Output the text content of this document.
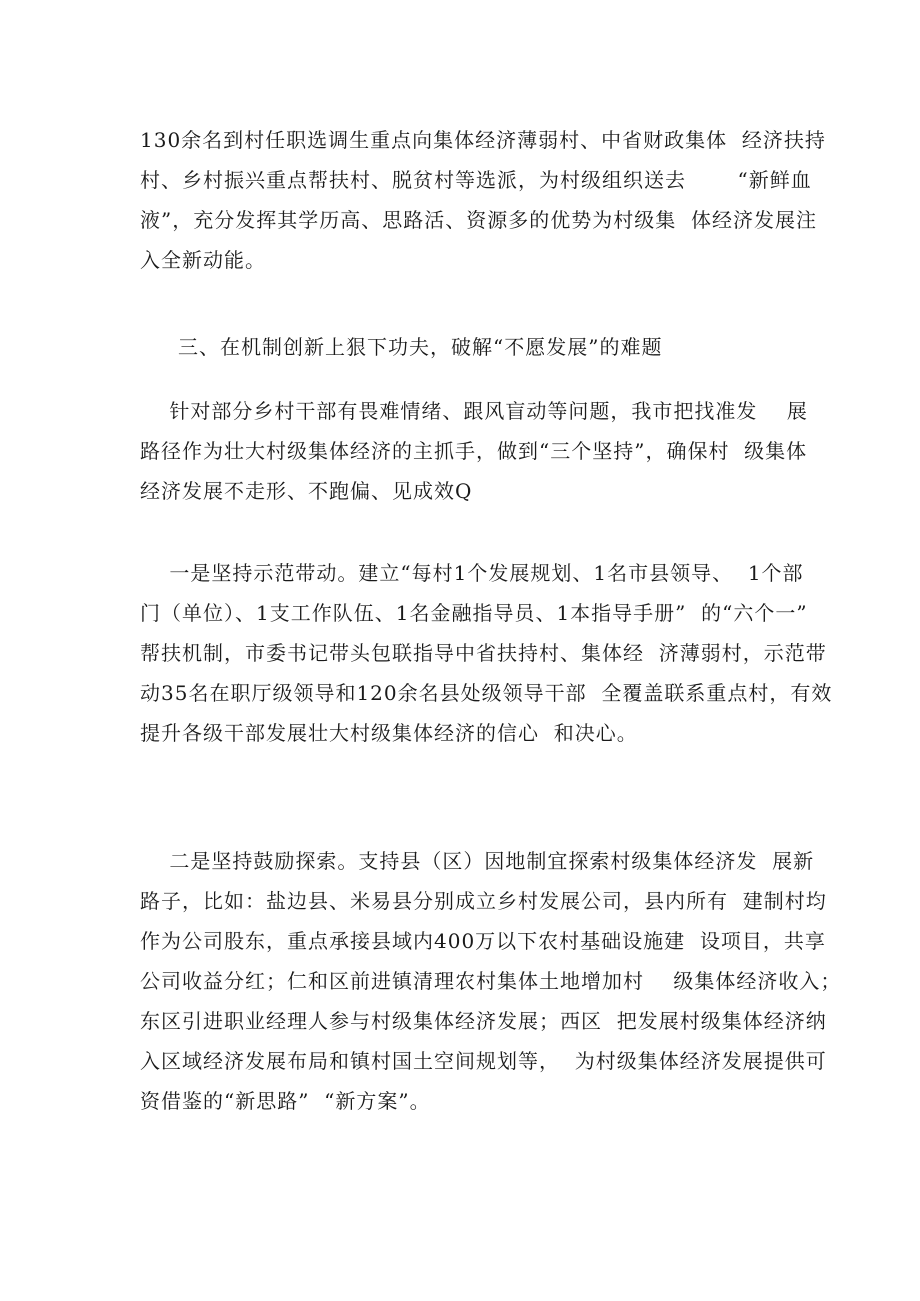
130余名到村任职选调生重点向集体经济薄弱村、中省财政集体  经济扶持
村、乡村振兴重点帮扶村、脱贫村等选派，为村级组织送去       “新鲜血
液”，充分发挥其学历高、思路活、资源多的优势为村级集  体经济发展注
入全新动能。
三、在机制创新上狠下功夫，破解“不愿发展”的难题
针对部分乡村干部有畏难情绪、跟风盲动等问题，我市把找准发    展
路径作为壮大村级集体经济的主抓手，做到“三个坚持”，确保村  级集体
经济发展不走形、不跑偏、见成效Q
一是坚持示范带动。建立“每村1个发展规划、1名市县领导、  1个部
门（单位）、1支工作队伍、1名金融指导员、1本指导手册”  的“六个一”
帮扶机制，市委书记带头包联指导中省扶持村、集体经  济薄弱村，示范带
动35名在职厅级领导和120余名县处级领导干部  全覆盖联系重点村，有效
提升各级干部发展壮大村级集体经济的信心  和决心。
二是坚持鼓励探索。支持县（区）因地制宜探索村级集体经济发  展新
路子，比如：盐边县、米易县分别成立乡村发展公司，县内所有  建制村均
作为公司股东，重点承接县域内400万以下农村基础设施建  设项目，共享
公司收益分红；仁和区前进镇清理农村集体土地增加村    级集体经济收入；
东区引进职业经理人参与村级集体经济发展；西区  把发展村级集体经济纳
入区域经济发展布局和镇村国土空间规划等，  为村级集体经济发展提供可
资借鉴的“新思路”  “新方案”。
